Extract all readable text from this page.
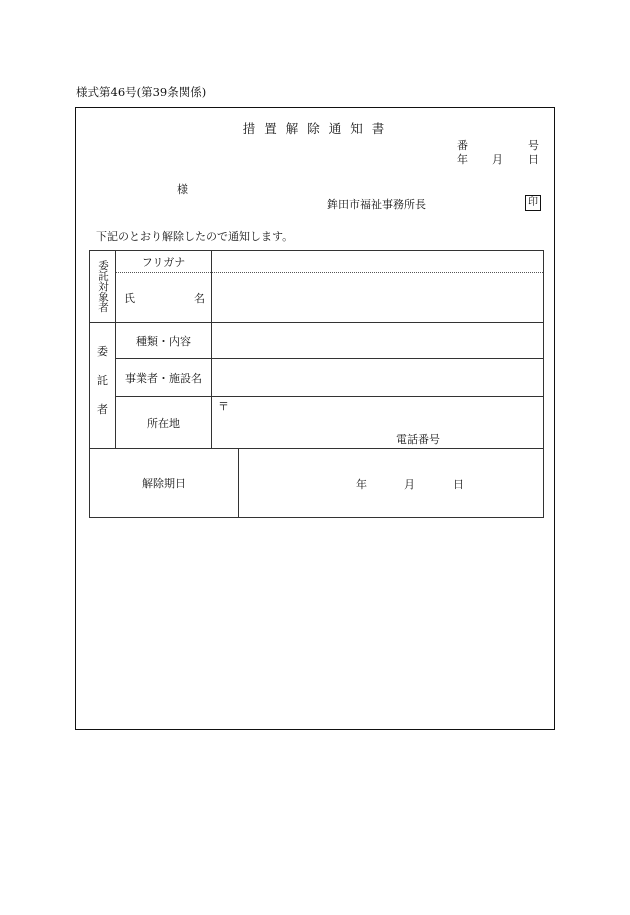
様式第46号(第39条関係)
措置解除通知書
番	号
年 月 日
様
鉾田市福祉事務所長	印
下記のとおり解除したので通知します。
委託対象者	フリガナ	

	氏 名	

委
託
者	種類・内容	
	事業者・施設名	
	所在地	〒
電話番号
解除期日	年	月	日
